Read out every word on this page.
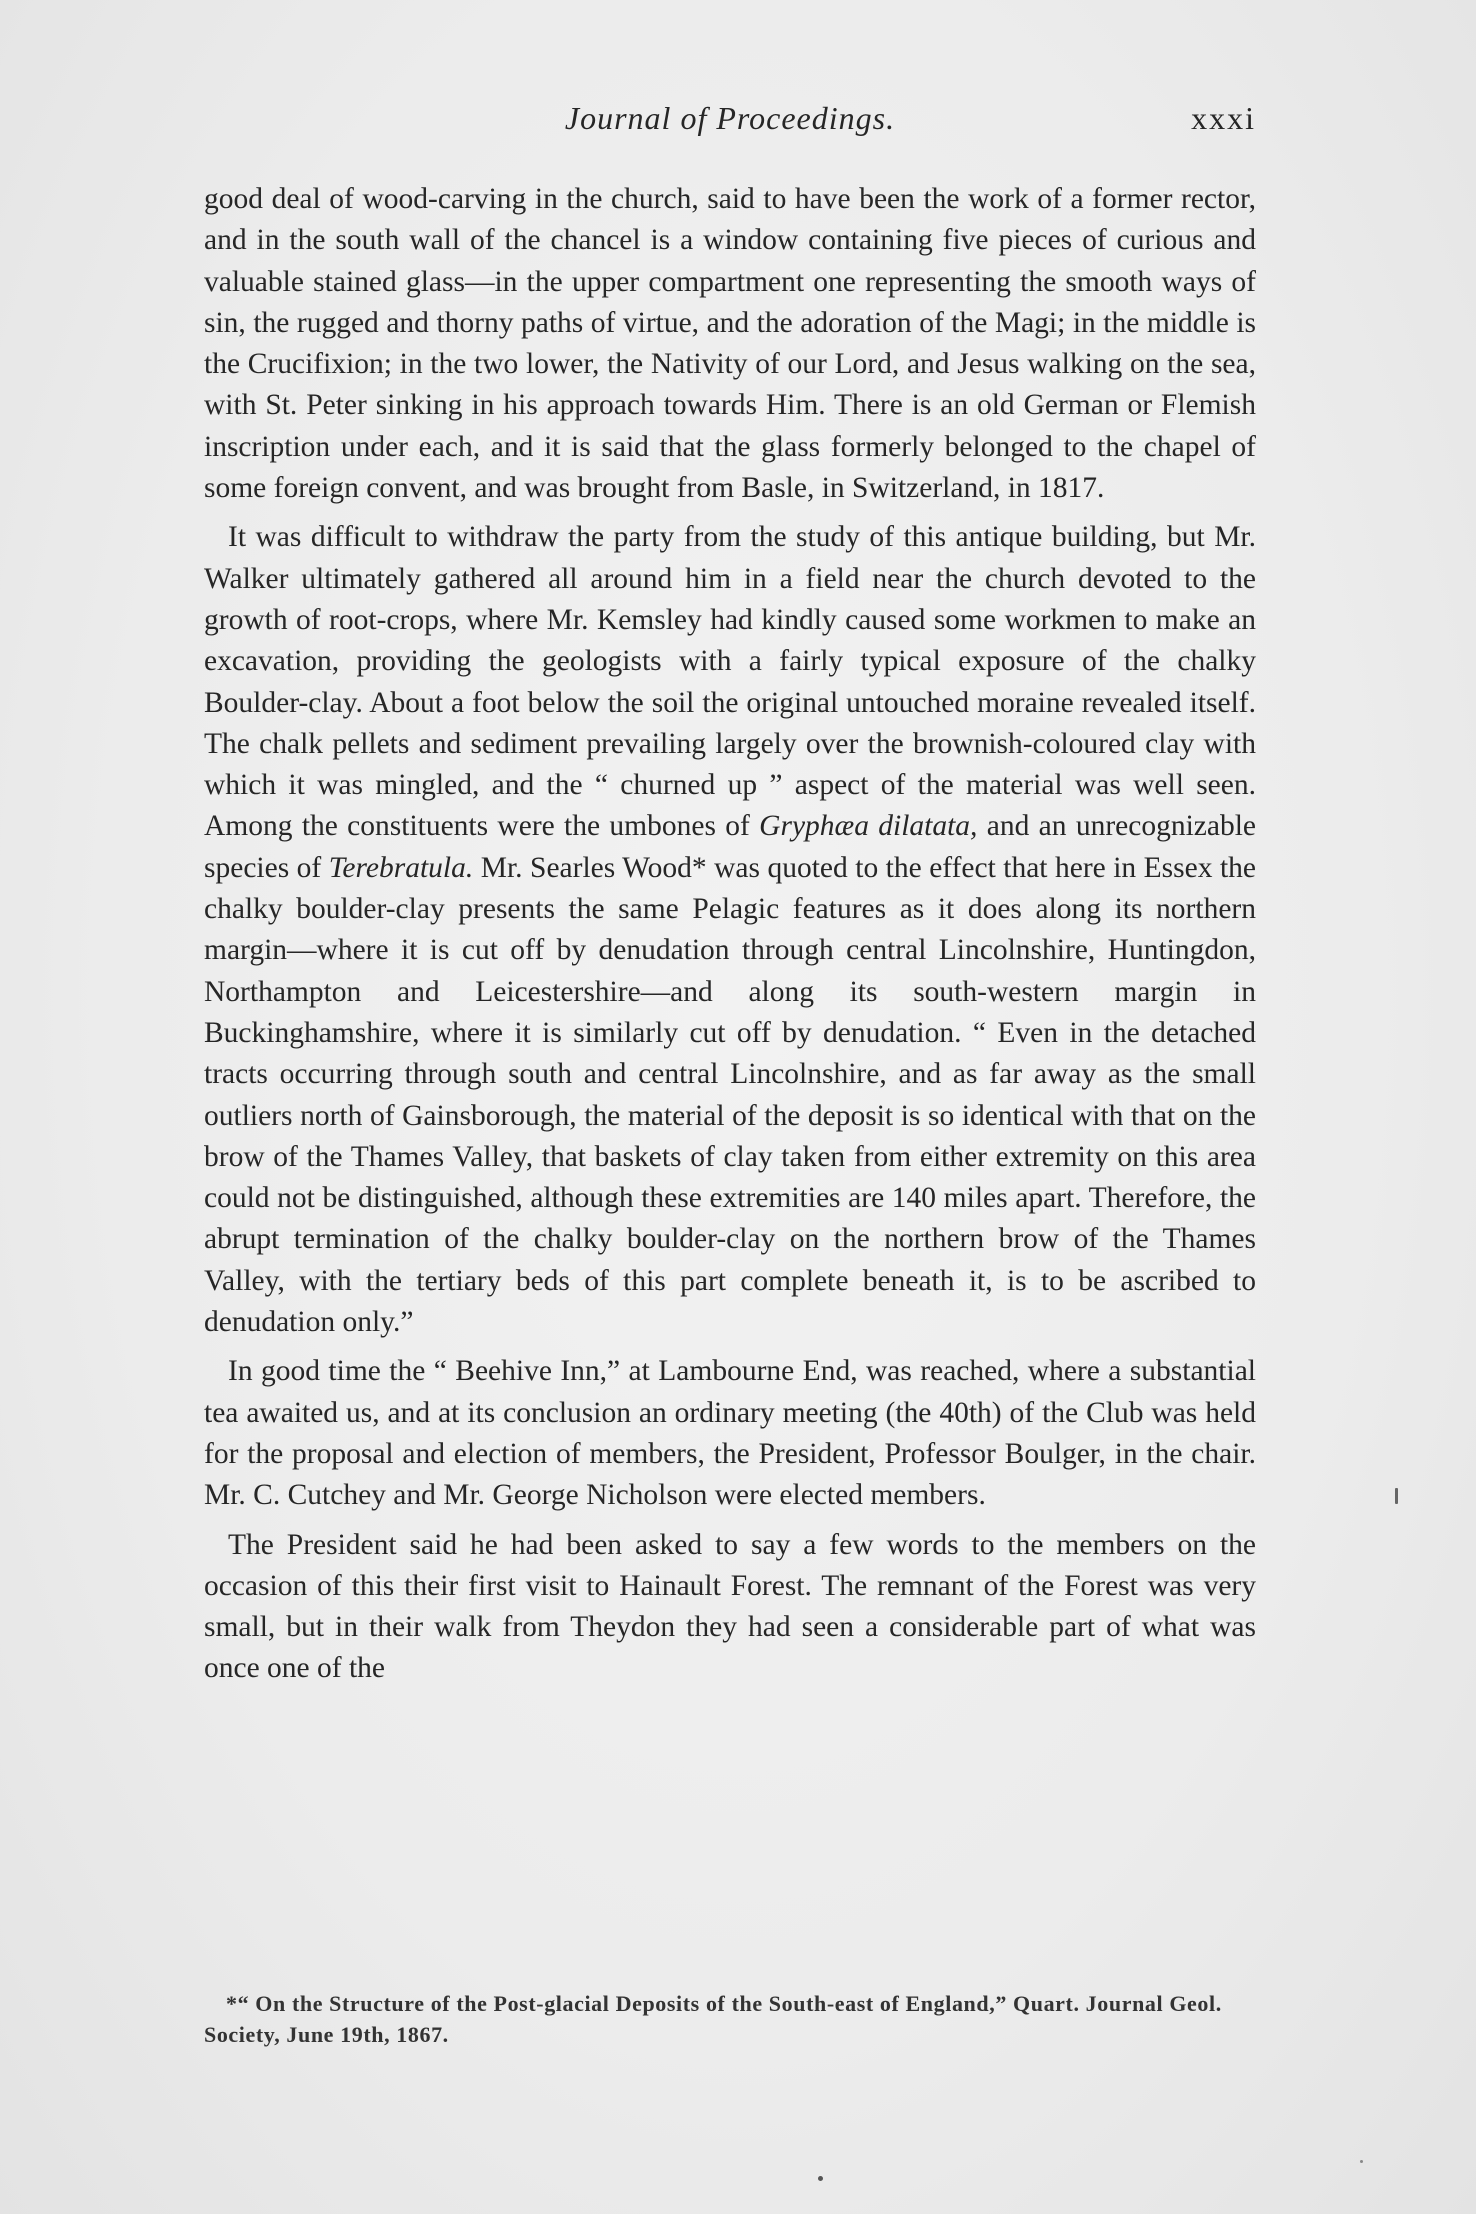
Journal of Proceedings.	xxxi

good deal of wood-carving in the church, said to have been the work of a former rector, and in the south wall of the chancel is a window containing five pieces of curious and valuable stained glass—in the upper compartment one representing the smooth ways of sin, the rugged and thorny paths of virtue, and the adoration of the Magi; in the middle is the Crucifixion; in the two lower, the Nativity of our Lord, and Jesus walking on the sea, with St. Peter sinking in his approach towards Him. There is an old German or Flemish inscription under each, and it is said that the glass formerly belonged to the chapel of some foreign convent, and was brought from Basle, in Switzerland, in 1817.

It was difficult to withdraw the party from the study of this antique building, but Mr. Walker ultimately gathered all around him in a field near the church devoted to the growth of root-crops, where Mr. Kemsley had kindly caused some workmen to make an excavation, providing the geologists with a fairly typical exposure of the chalky Boulder-clay. About a foot below the soil the original untouched moraine revealed itself. The chalk pellets and sediment prevailing largely over the brownish-coloured clay with which it was mingled, and the “ churned up ” aspect of the material was well seen. Among the constituents were the umbones of Gryphæa dilatata, and an unrecognizable species of Terebratula. Mr. Searles Wood* was quoted to the effect that here in Essex the chalky boulder-clay presents the same Pelagic features as it does along its northern margin—where it is cut off by denudation through central Lincolnshire, Huntingdon, Northampton and Leicestershire—and along its south-western margin in Buckinghamshire, where it is similarly cut off by denudation. “ Even in the detached tracts occurring through south and central Lincolnshire, and as far away as the small outliers north of Gainsborough, the material of the deposit is so identical with that on the brow of the Thames Valley, that baskets of clay taken from either extremity on this area could not be distinguished, although these extremities are 140 miles apart. Therefore, the abrupt termination of the chalky boulder-clay on the northern brow of the Thames Valley, with the tertiary beds of this part complete beneath it, is to be ascribed to denudation only.”

In good time the “ Beehive Inn,” at Lambourne End, was reached, where a substantial tea awaited us, and at its conclusion an ordinary meeting (the 40th) of the Club was held for the proposal and election of members, the President, Professor Boulger, in the chair. Mr. C. Cutchey and Mr. George Nicholson were elected members.

The President said he had been asked to say a few words to the members on the occasion of this their first visit to Hainault Forest. The remnant of the Forest was very small, but in their walk from Theydon they had seen a considerable part of what was once one of the

*“ On the Structure of the Post-glacial Deposits of the South-east of England,” Quart. Journal Geol. Society, June 19th, 1867.
